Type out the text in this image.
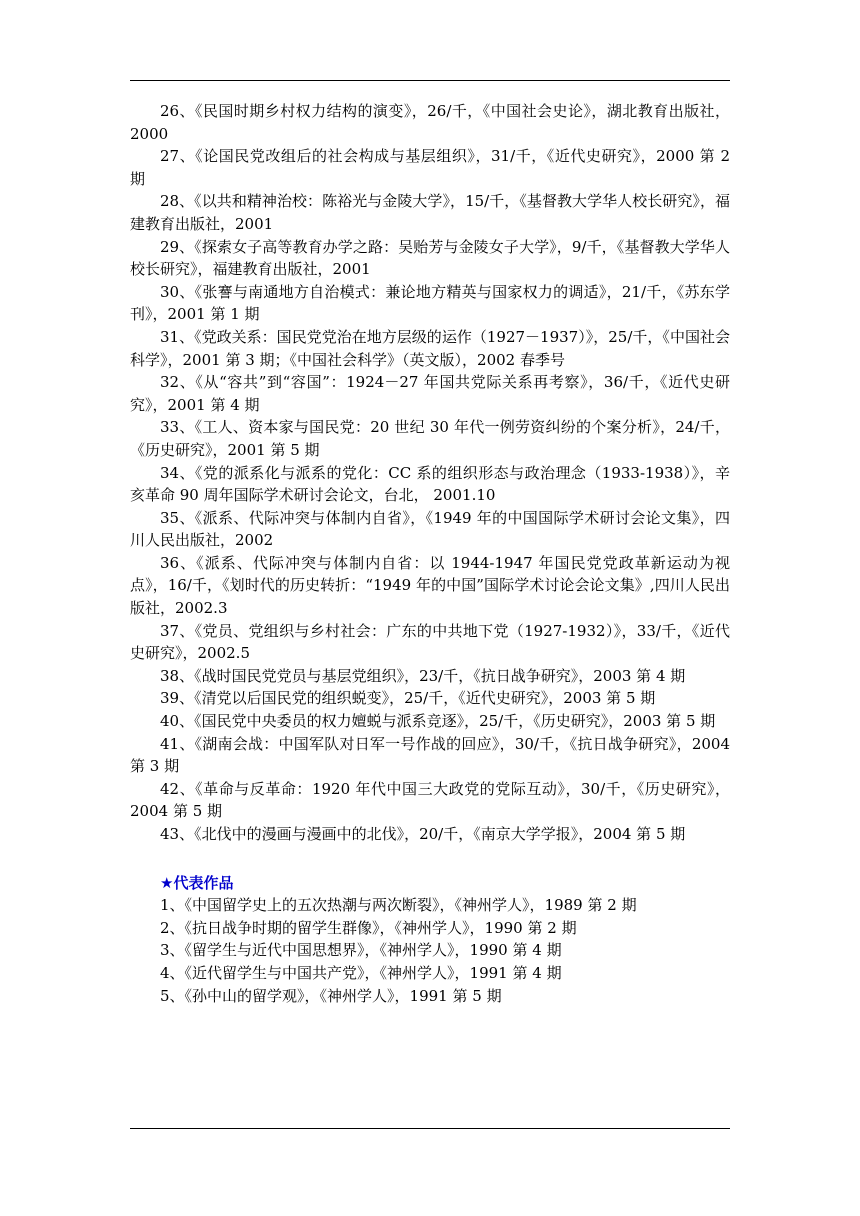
26、《民国时期乡村权力结构的演变》，26/千，《中国社会史论》，湖北教育出版社，2000

27、《论国民党改组后的社会构成与基层组织》，31/千，《近代史研究》，2000 第 2 期

28、《以共和精神治校：陈裕光与金陵大学》，15/千，《基督教大学华人校长研究》，福建教育出版社，2001

29、《探索女子高等教育办学之路：吴贻芳与金陵女子大学》，9/千，《基督教大学华人校长研究》，福建教育出版社，2001

30、《张謇与南通地方自治模式：兼论地方精英与国家权力的调适》，21/千，《苏东学刊》，2001 第 1 期

31、《党政关系：国民党党治在地方层级的运作（1927－1937）》，25/千，《中国社会科学》，2001 第 3 期；《中国社会科学》（英文版），2002 春季号

32、《从“容共”到“容国”：1924－27 年国共党际关系再考察》，36/千，《近代史研究》，2001 第 4 期

33、《工人、资本家与国民党：20 世纪 30 年代一例劳资纠纷的个案分析》，24/千，《历史研究》，2001 第 5 期

34、《党的派系化与派系的党化：CC 系的组织形态与政治理念（1933-1938）》，辛亥革命 90 周年国际学术研讨会论文，台北， 2001.10

35、《派系、代际冲突与体制内自省》，《1949 年的中国国际学术研讨会论文集》，四川人民出版社，2002

36、《派系、代际冲突与体制内自省：以 1944-1947 年国民党党政革新运动为视点》，16/千，《划时代的历史转折：“1949 年的中国”国际学术讨论会论文集》,四川人民出版社，2002.3

37、《党员、党组织与乡村社会：广东的中共地下党（1927-1932）》，33/千，《近代史研究》，2002.5

38、《战时国民党党员与基层党组织》，23/千，《抗日战争研究》，2003 第 4 期

39、《清党以后国民党的组织蜕变》，25/千，《近代史研究》，2003 第 5 期

40、《国民党中央委员的权力嬗蜕与派系竞逐》，25/千，《历史研究》，2003 第 5 期

41、《湖南会战：中国军队对日军一号作战的回应》，30/千，《抗日战争研究》，2004 第 3 期

42、《革命与反革命：1920 年代中国三大政党的党际互动》，30/千，《历史研究》，2004 第 5 期

43、《北伐中的漫画与漫画中的北伐》，20/千，《南京大学学报》，2004 第 5 期

★代表作品

1、《中国留学史上的五次热潮与两次断裂》，《神州学人》，1989 第 2 期
2、《抗日战争时期的留学生群像》，《神州学人》，1990 第 2 期
3、《留学生与近代中国思想界》，《神州学人》，1990 第 4 期
4、《近代留学生与中国共产党》，《神州学人》，1991 第 4 期
5、《孙中山的留学观》，《神州学人》，1991 第 5 期
